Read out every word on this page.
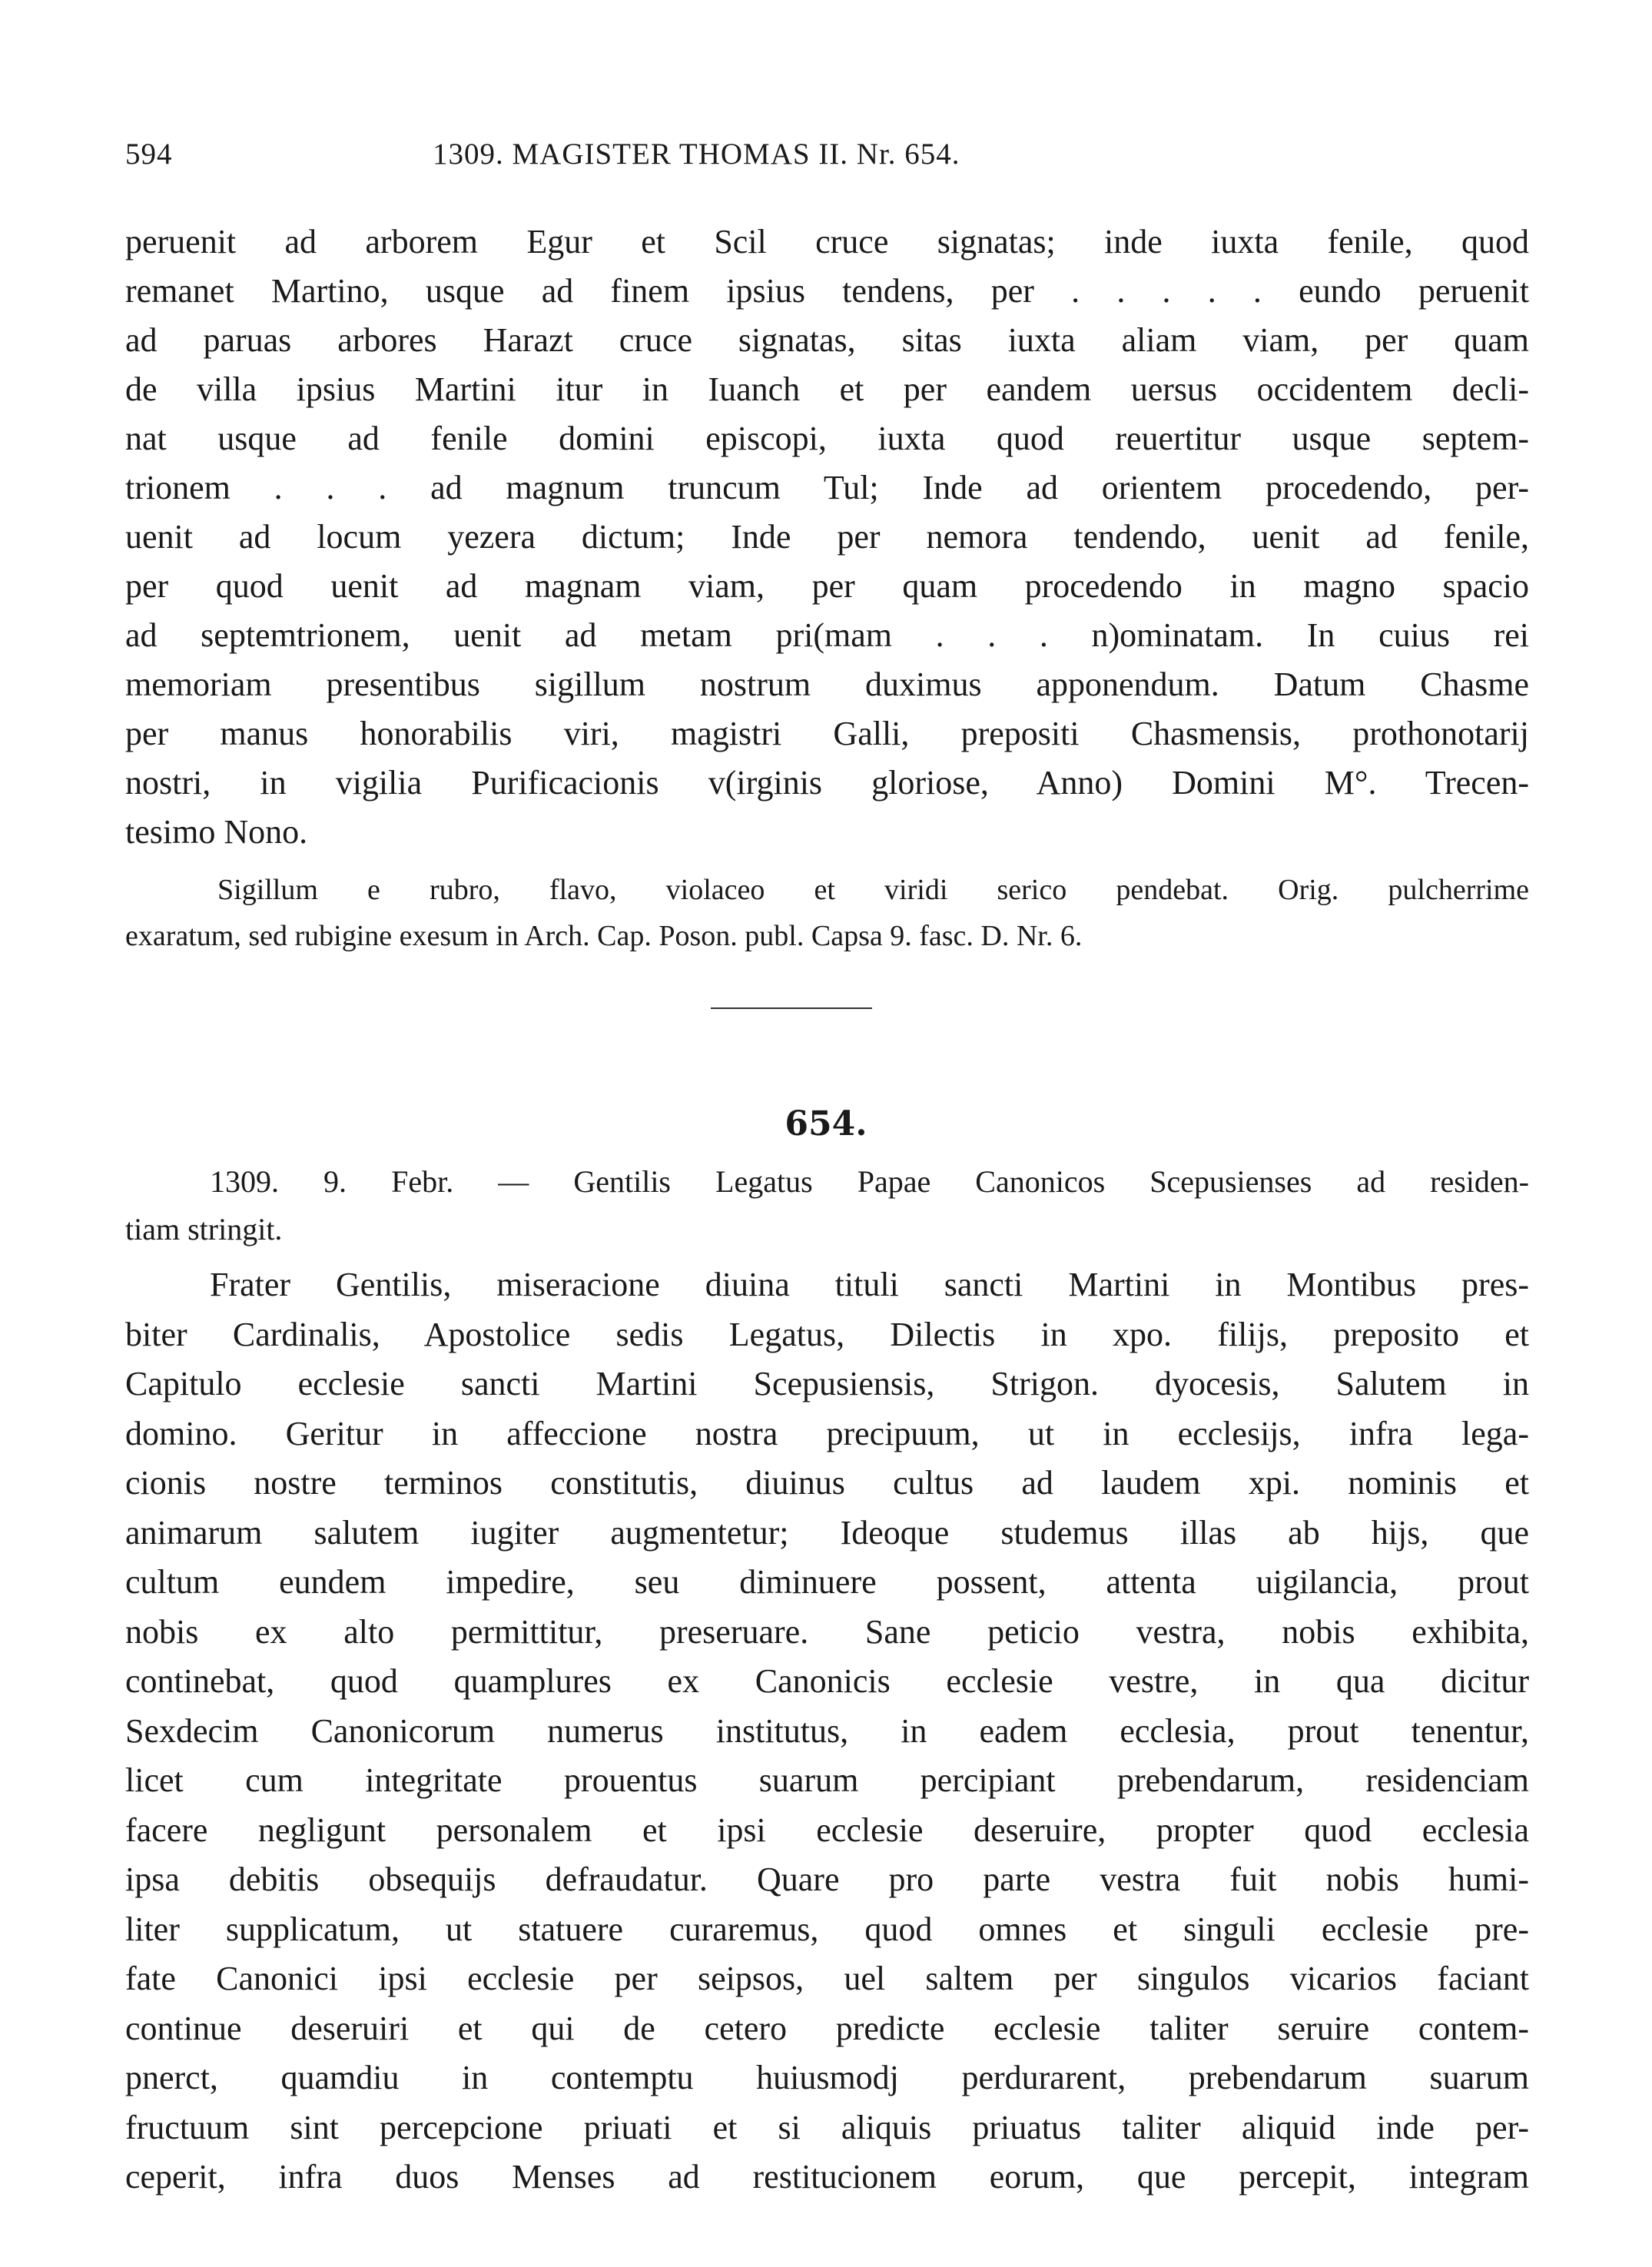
594	1309. MAGISTER THOMAS II. Nr. 654.
peruenit ad arborem Egur et Scil cruce signatas; inde iuxta fenile, quod
remanet Martino, usque ad finem ipsius tendens, per . . . . . eundo peruenit
ad paruas arbores Harazt cruce signatas, sitas iuxta aliam viam, per quam
de villa ipsius Martini itur in Iuanch et per eandem uersus occidentem decli-
nat usque ad fenile domini episcopi, iuxta quod reuertitur usque septem-
trionem . . . ad magnum truncum Tul; Inde ad orientem procedendo, per-
uenit ad locum yezera dictum; Inde per nemora tendendo, uenit ad fenile,
per quod uenit ad magnam viam, per quam procedendo in magno spacio
ad septemtrionem, uenit ad metam pri(mam . . . n)ominatam. In cuius rei
memoriam presentibus sigillum nostrum duximus apponendum. Datum Chasme
per manus honorabilis viri, magistri Galli, prepositi Chasmensis, prothonotarij
nostri, in vigilia Purificacionis v(irginis gloriose, Anno) Domini M°. Trecen-
tesimo Nono.
Sigillum e rubro, flavo, violaceo et viridi serico pendebat. Orig. pulcherrime
exaratum, sed rubigine exesum in Arch. Cap. Poson. publ. Capsa 9. fasc. D. Nr. 6.
654.
1309. 9. Febr. — Gentilis Legatus Papae Canonicos Scepusienses ad residen-
tiam stringit.
Frater Gentilis, miseracione diuina tituli sancti Martini in Montibus pres-
biter Cardinalis, Apostolice sedis Legatus, Dilectis in xpo. filijs, preposito et
Capitulo ecclesie sancti Martini Scepusiensis, Strigon. dyocesis, Salutem in
domino. Geritur in affeccione nostra precipuum, ut in ecclesijs, infra lega-
cionis nostre terminos constitutis, diuinus cultus ad laudem xpi. nominis et
animarum salutem iugiter augmentetur; Ideoque studemus illas ab hijs, que
cultum eundem impedire, seu diminuere possent, attenta uigilancia, prout
nobis ex alto permittitur, preseruare. Sane peticio vestra, nobis exhibita,
continebat, quod quamplures ex Canonicis ecclesie vestre, in qua dicitur
Sexdecim Canonicorum numerus institutus, in eadem ecclesia, prout tenentur,
licet cum integritate prouentus suarum percipiant prebendarum, residenciam
facere negligunt personalem et ipsi ecclesie deseruire, propter quod ecclesia
ipsa debitis obsequijs defraudatur. Quare pro parte vestra fuit nobis humi-
liter supplicatum, ut statuere curaremus, quod omnes et singuli ecclesie pre-
fate Canonici ipsi ecclesie per seipsos, uel saltem per singulos vicarios faciant
continue deseruiri et qui de cetero predicte ecclesie taliter seruire contem-
pnerct, quamdiu in contemptu huiusmodj perdurarent, prebendarum suarum
fructuum sint percepcione priuati et si aliquis priuatus taliter aliquid inde per-
ceperit, infra duos Menses ad restitucionem eorum, que percepit, integram
